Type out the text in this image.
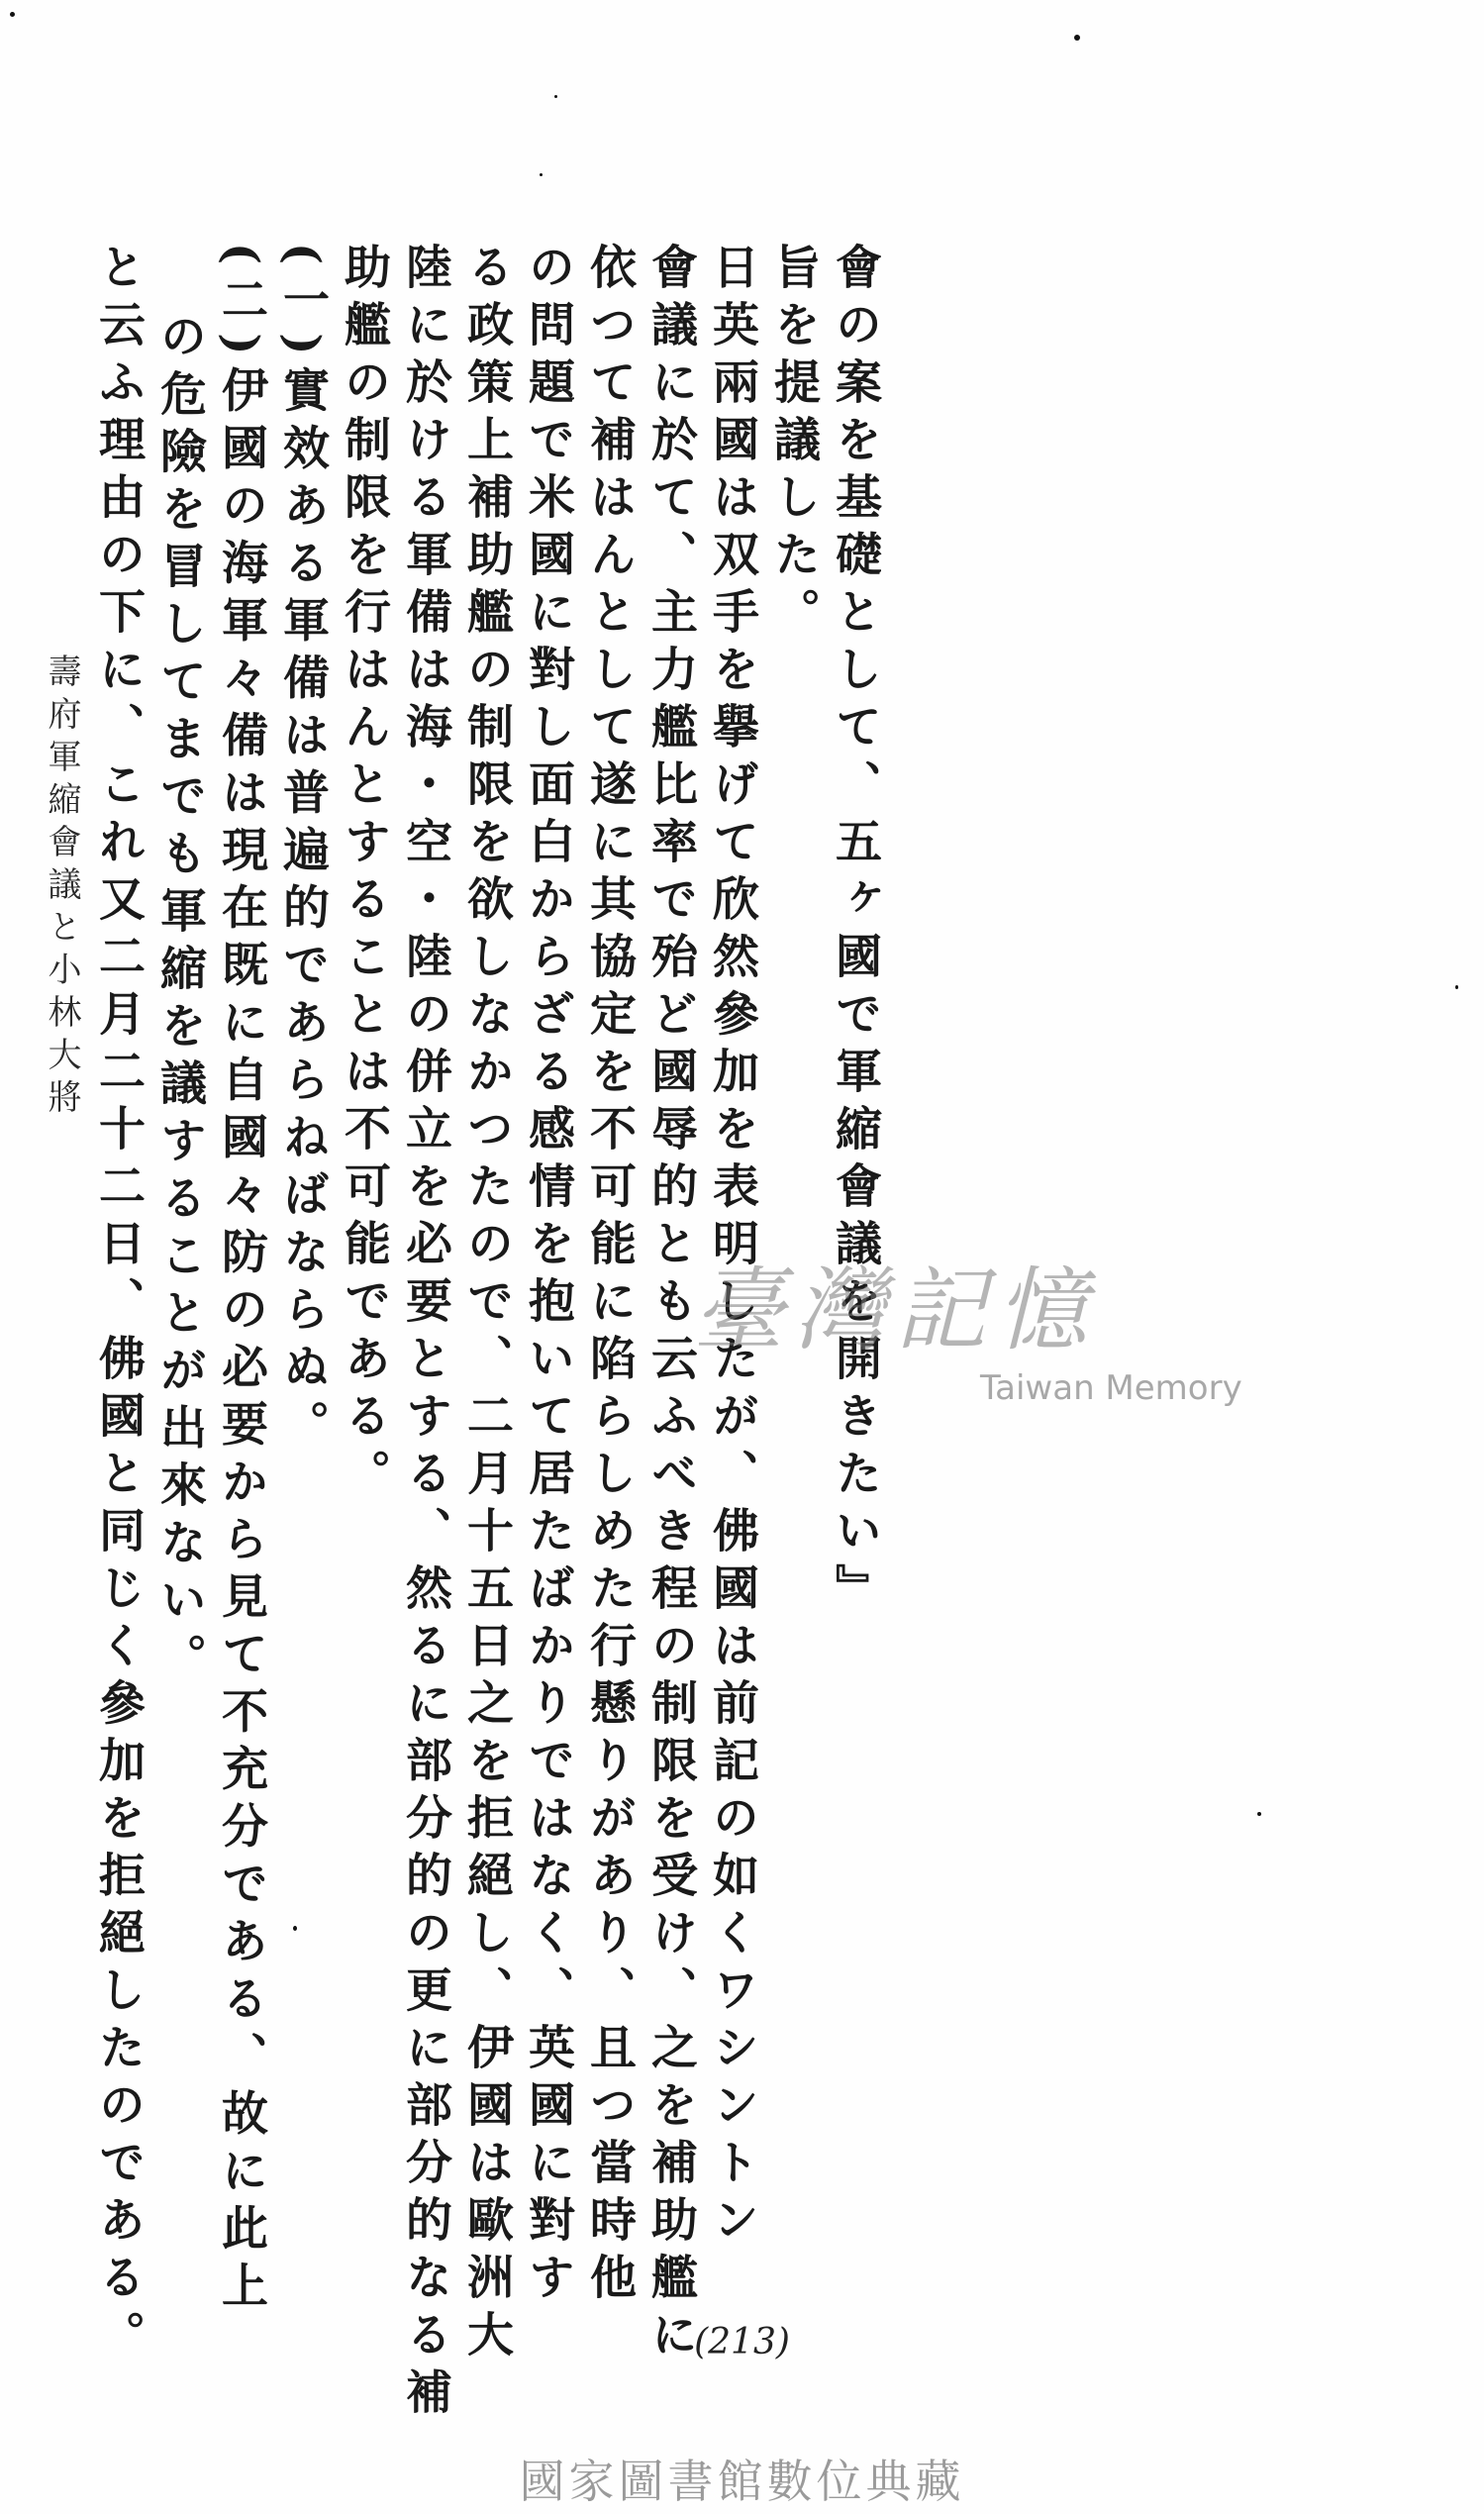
會の案を基礎として、五ヶ國で軍縮會議を開きたい』
旨を提議した。
日英兩國は双手を擧げて欣然參加を表明したが、佛國は前記の如くワシントン
會議に於て、主力艦比率で殆ど國辱的とも云ふべき程の制限を受け、之を補助艦に
依つて補はんとして遂に其協定を不可能に陷らしめた行懸りがあり、且つ當時他
の問題で米國に對し面白からざる感情を抱いて居たばかりではなく、英國に對す
る政策上補助艦の制限を欲しなかつたので、二月十五日之を拒絕し、伊國は歐洲大
陸に於ける軍備は海・空・陸の併立を必要とする、然るに部分的の更に部分的なる補
助艦の制限を行はんとすることは不可能である。
(一)實效ある軍備は普遍的であらねばならぬ。
(二)伊國の海軍々備は現在既に自國々防の必要から見て不充分である、故に此上
の危險を冒してまでも軍縮を議することが出來ない。
と云ふ理由の下に、これ又二月二十二日、佛國と同じく參加を拒絕したのである。
壽府軍縮會議と小林大將
(213)
臺灣記憶
Taiwan Memory
國家圖書館數位典藏
